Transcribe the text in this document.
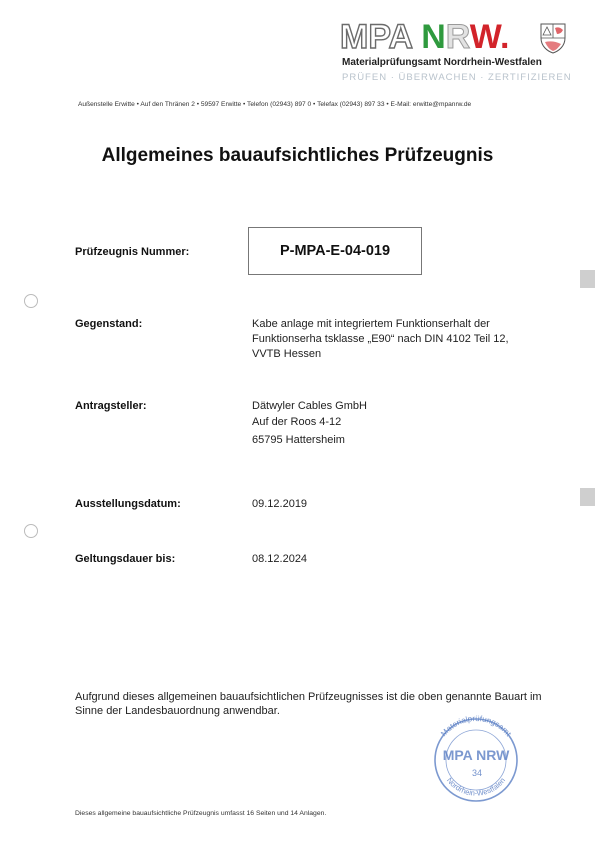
MPA NRW.
Materialprüfungsamt Nordrhein-Westfalen
PRÜFEN · ÜBERWACHEN · ZERTIFIZIEREN
Außenstelle Erwitte • Auf den Thränen 2 • 59597 Erwitte • Telefon (02943) 897 0 • Telefax (02943) 897 33 • E-Mail: erwitte@mpanrw.de
Allgemeines bauaufsichtliches Prüfzeugnis
Prüfzeugnis Nummer:	P-MPA-E-04-019
Gegenstand:	Kabe anlage mit integriertem Funktionserhalt der
Funktionserha tsklasse „E90“ nach DIN 4102 Teil 12,
VVTB Hessen
Antragsteller:	Dätwyler Cables GmbH
Auf der Roos 4-12
65795 Hattersheim
Ausstellungsdatum:	09.12.2019
Geltungsdauer bis:	08.12.2024
Aufgrund dieses allgemeinen bauaufsichtlichen Prüfzeugnisses ist die oben genannte Bauart im Sinne der Landesbauordnung anwendbar.
Materialprüfungsamt
MPA NRW
34
Nordrhein-Westfalen
Dieses allgemeine bauaufsichtliche Prüfzeugnis umfasst 16 Seiten und 14 Anlagen.
